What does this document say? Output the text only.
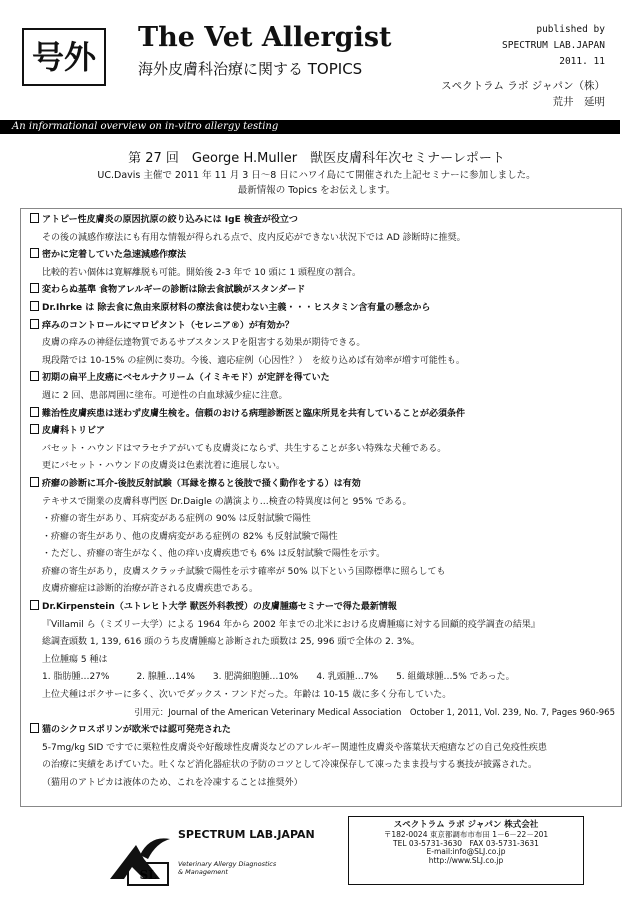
号外
The Vet Allergist
海外皮膚科治療に関する TOPICS
published by
SPECTRUM LAB.JAPAN
2011. 11
スペクトラム ラボ ジャパン（株）
荒井　延明
An informational overview on in-vitro allergy testing
第 27 回　George H.Muller　獣医皮膚科年次セミナーレポート
UC.Davis 主催で 2011 年 11 月 3 日～8 日にハワイ島にて開催された上記セミナーに参加しました。
最新情報の Topics をお伝えします。
アトピー性皮膚炎の原因抗原の絞り込みには IgE 検査が役立つ
その後の減感作療法にも有用な情報が得られる点で、皮内反応ができない状況下では AD 診断時に推奨。
密かに定着していた急速減感作療法
比較的若い個体は寛解離脱も可能。開始後 2-3 年で 10 頭に 1 頭程度の割合。
変わらぬ基準 食物アレルギーの診断は除去食試験がスタンダード
Dr.Ihrke は 除去食に魚由来原材料の療法食は使わない主義・・・ヒスタミン含有量の懸念から
痒みのコントロールにマロピタント（セレニア®）が有効か？
皮膚の痒みの神経伝達物質であるサブスタンスＰを阻害する効果が期待できる。
現段階では 10-15% の症例に奏功。今後、適応症例（心因性？）　を絞り込めば有効率が増す可能性も。
初期の扁平上皮癌にベセルナクリーム（イミキモド）が定評を得ていた
週に 2 回、患部周囲に塗布。可逆性の白血球減少症に注意。
難治性皮膚疾患は迷わず皮膚生検を。信頼のおける病理診断医と臨床所見を共有していることが必須条件
皮膚科トリビア
バセット・ハウンドはマラセチアがいても皮膚炎にならず、共生することが多い特殊な犬種である。
更にバセット・ハウンドの皮膚炎は色素沈着に進展しない。
疥癬の診断に耳介-後肢反射試験（耳縁を擦ると後肢で掻く動作をする）は有効
テキサスで開業の皮膚科専門医 Dr.Daigle の講演より…検査の特異度は何と 95% である。
・疥癬の寄生があり、耳病変がある症例の 90% は反射試験で陽性
・疥癬の寄生があり、他の皮膚病変がある症例の 82% も反射試験で陽性
・ただし、疥癬の寄生がなく、他の痒い皮膚疾患でも 6% は反射試験で陽性を示す。
疥癬の寄生があり，皮膚スクラッチ試験で陽性を示す確率が 50% 以下という国際標準に照らしても
皮膚疥癬症は診断的治療が許される皮膚疾患である。
Dr.Kirpenstein（ユトレヒト大学 獣医外科教授）の皮膚腫瘍セミナーで得た最新情報
『Villamil ら（ミズリー大学）による 1964 年から 2002 年までの北米における皮膚腫瘍に対する回顧的疫学調査の結果』
総調査頭数 1, 139, 616 頭のうち皮膚腫瘍と診断された頭数は 25, 996 頭で全体の 2. 3%。
上位腫瘍 5 種は
1. 脂肪腫…27%　　　2. 腺腫…14%　　3. 肥満細胞腫…10%　　4. 乳頭腫…7%　　5. 組織球腫…5% であった。
上位犬種はボクサーに多く、次いでダックス・フンドだった。年齢は 10-15 歳に多く分布していた。
引用元：Journal of the American Veterinary Medical Association　October 1, 2011, Vol. 239, No. 7, Pages 960-965
猫のシクロスポリンが欧米では認可発売された
5-7mg/kg SID ですでに栗粒性皮膚炎や好酸球性皮膚炎などのアレルギー関連性皮膚炎や落葉状天疱瘡などの自己免疫性疾患
の治療に実績をあげていた。吐くなど消化器症状の予防のコツとして冷凍保存して凍ったまま投与する裏技が披露された。
（猫用のアトピカは液体のため、これを冷凍することは推奨外）
SL
SPECTRUM LAB.JAPAN
Veterinary Allergy Diagnostics
& Management
スペクトラム ラボ ジャパン 株式会社
〒182-0024 東京都調布市布田 1－6－22－201
TEL 03-5731-3630　FAX 03-5731-3631
E-mail:info@SLJ.co.jp
http://www.SLJ.co.jp
